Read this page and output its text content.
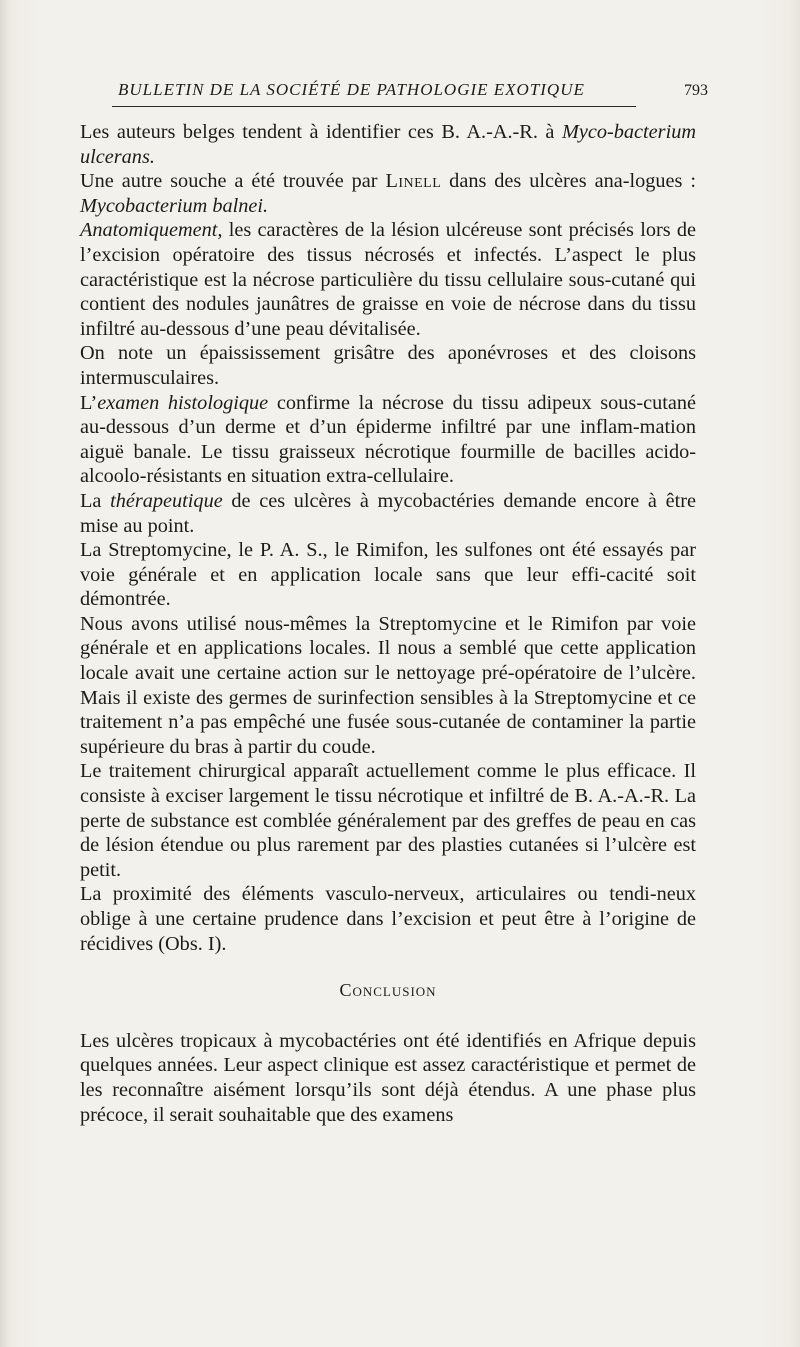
BULLETIN DE LA SOCIÉTÉ DE PATHOLOGIE EXOTIQUE	793

Les auteurs belges tendent à identifier ces B. A.-A.-R. à Myco-bacterium ulcerans.

Une autre souche a été trouvée par Linell dans des ulcères ana-logues : Mycobacterium balnei.

Anatomiquement, les caractères de la lésion ulcéreuse sont précisés lors de l’excision opératoire des tissus nécrosés et infectés. L’aspect le plus caractéristique est la nécrose particulière du tissu cellulaire sous-cutané qui contient des nodules jaunâtres de graisse en voie de nécrose dans du tissu infiltré au-dessous d’une peau dévitalisée.

On note un épaississement grisâtre des aponévroses et des cloisons intermusculaires.

L’examen histologique confirme la nécrose du tissu adipeux sous-cutané au-dessous d’un derme et d’un épiderme infiltré par une inflam-mation aiguë banale. Le tissu graisseux nécrotique fourmille de bacilles acido-alcoolo-résistants en situation extra-cellulaire.

La thérapeutique de ces ulcères à mycobactéries demande encore à être mise au point.

La Streptomycine, le P. A. S., le Rimifon, les sulfones ont été essayés par voie générale et en application locale sans que leur effi-cacité soit démontrée.

Nous avons utilisé nous-mêmes la Streptomycine et le Rimifon par voie générale et en applications locales. Il nous a semblé que cette application locale avait une certaine action sur le nettoyage pré-opératoire de l’ulcère. Mais il existe des germes de surinfection sensibles à la Streptomycine et ce traitement n’a pas empêché une fusée sous-cutanée de contaminer la partie supérieure du bras à partir du coude.

Le traitement chirurgical apparaît actuellement comme le plus efficace. Il consiste à exciser largement le tissu nécrotique et infiltré de B. A.-A.-R. La perte de substance est comblée généralement par des greffes de peau en cas de lésion étendue ou plus rarement par des plasties cutanées si l’ulcère est petit.

La proximité des éléments vasculo-nerveux, articulaires ou tendi-neux oblige à une certaine prudence dans l’excision et peut être à l’origine de récidives (Obs. I).

Conclusion

Les ulcères tropicaux à mycobactéries ont été identifiés en Afrique depuis quelques années. Leur aspect clinique est assez caractéristique et permet de les reconnaître aisément lorsqu’ils sont déjà étendus. A une phase plus précoce, il serait souhaitable que des examens
